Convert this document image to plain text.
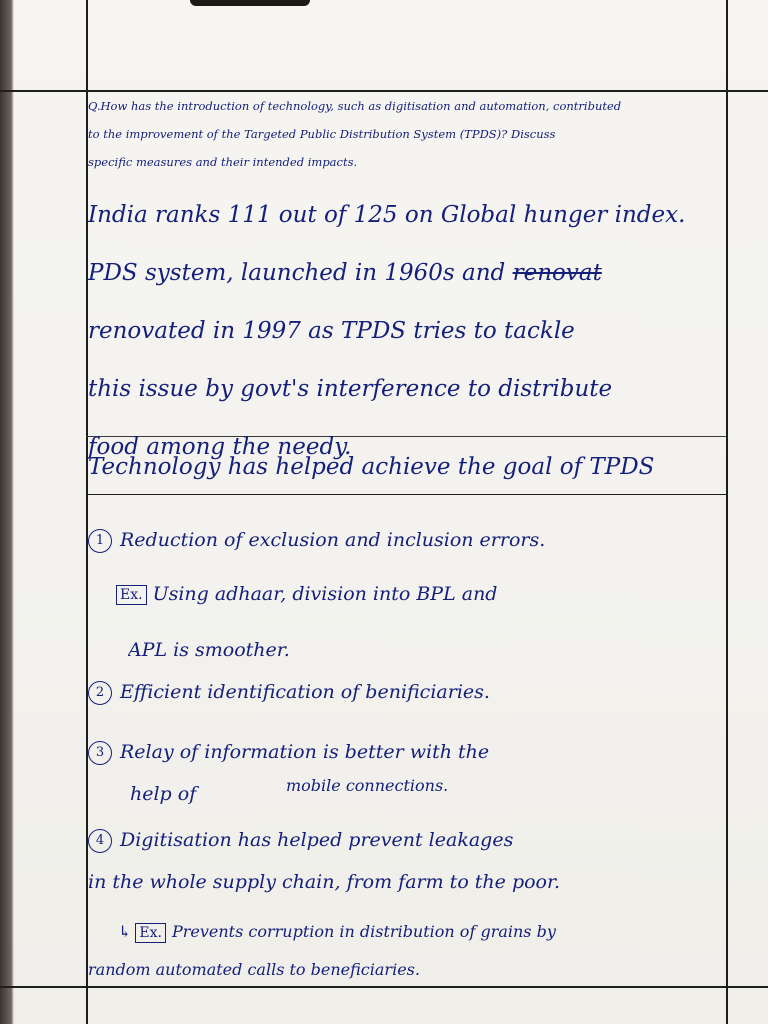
Q.How has the introduction of technology, such as digitisation and automation, contributed
to the improvement of the Targeted Public Distribution System (TPDS)? Discuss
specific measures and their intended impacts.
India ranks 111 out of 125 on Global hunger index.
PDS system, launched in 1960s and renovat
renovated in 1997 as TPDS tries to tackle
this issue by govt's interference to distribute
food among the needy.
Technology has helped achieve the goal of TPDS
1 Reduction of exclusion and inclusion errors.
Ex. Using adhaar, division into BPL and
APL is smoother.
2 Efficient identification of benificiaries.
3 Relay of information is better with the
help of	mobile connections.
4 Digitisation has helped prevent leakages
in the whole supply chain, from farm to the poor.
↳ Ex. Prevents corruption in distribution of grains by
random automated calls to beneficiaries.
